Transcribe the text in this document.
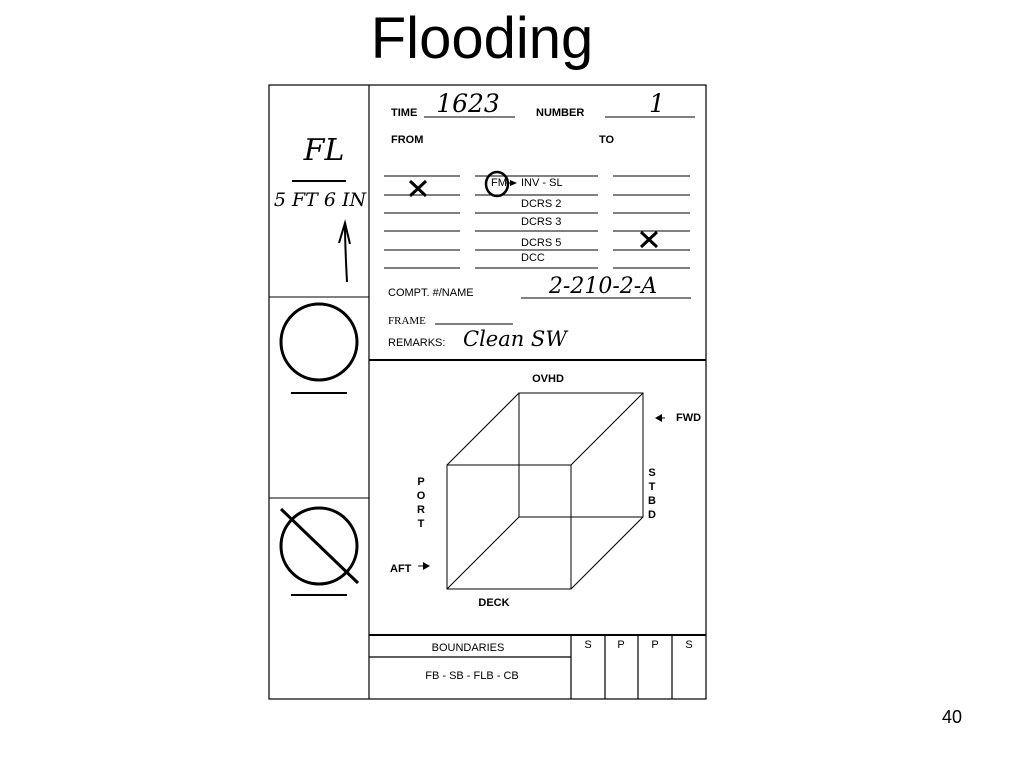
Flooding
FL
5 FT 6 IN
TIME 1623	NUMBER	1
FROM	TO
FM INV - SL
DCRS 2
DCRS 3
DCRS 5
DCC
COMPT. #/NAME	2-210-2-A
FRAME
REMARKS: Clean SW
OVHD
DECK
FWD
AFT
P
O
R
T
S
T
B
D
BOUNDARIES
FB - SB - FLB - CB
S P P S
40
